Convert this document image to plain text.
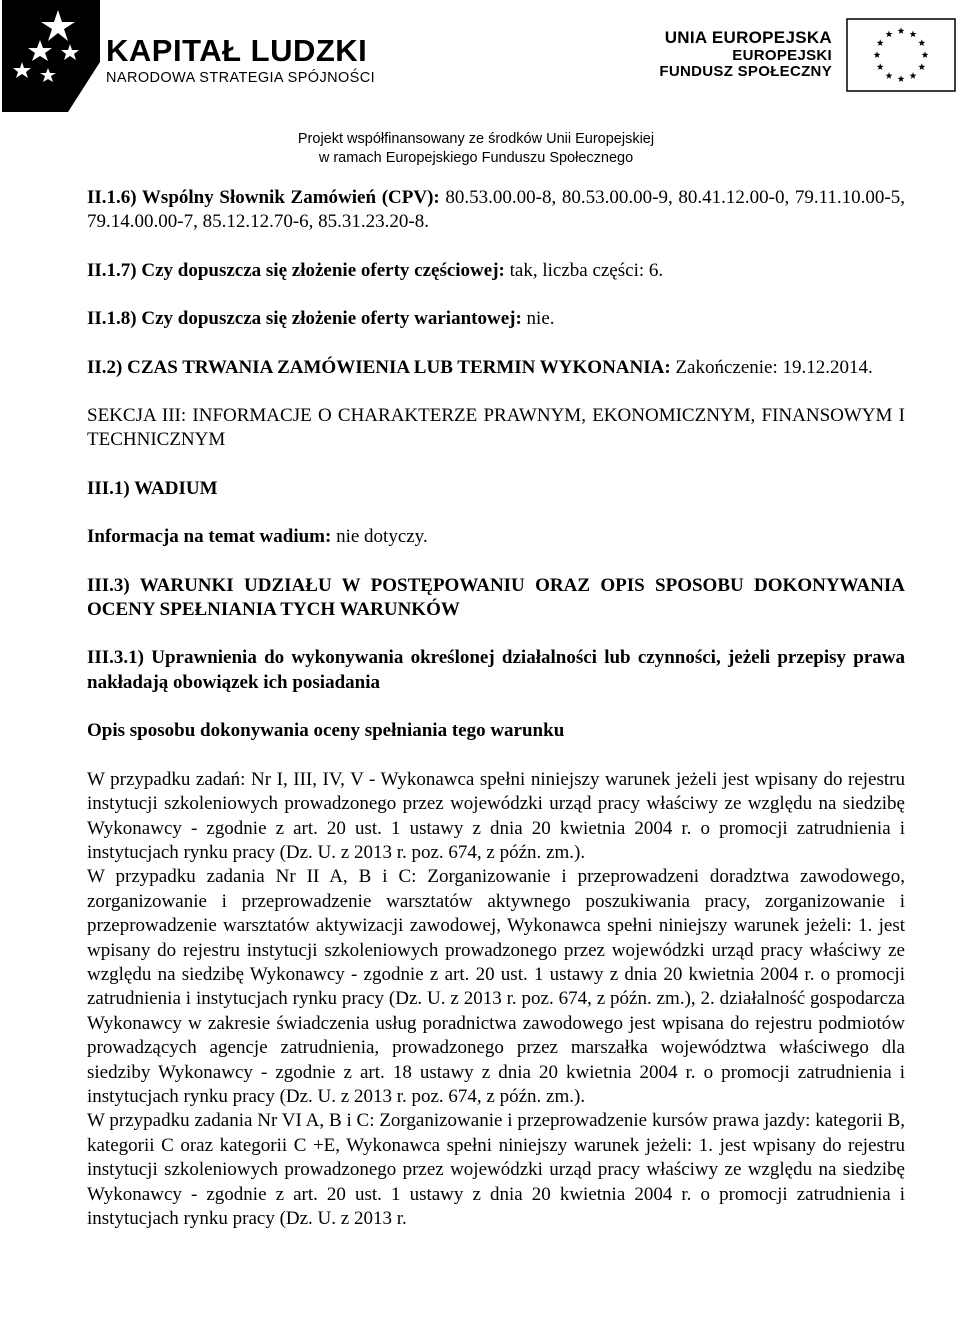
KAPITAŁ LUDZKI
NARODOWA STRATEGIA SPÓJNOŚCI
UNIA EUROPEJSKA
EUROPEJSKI
FUNDUSZ SPOŁECZNY
Projekt współfinansowany ze środków Unii Europejskiej
w ramach Europejskiego Funduszu Społecznego

II.1.6) Wspólny Słownik Zamówień (CPV): 80.53.00.00-8, 80.53.00.00-9, 80.41.12.00-0, 79.11.10.00-5, 79.14.00.00-7, 85.12.12.70-6, 85.31.23.20-8.

II.1.7) Czy dopuszcza się złożenie oferty częściowej: tak, liczba części: 6.

II.1.8) Czy dopuszcza się złożenie oferty wariantowej: nie.

II.2) CZAS TRWANIA ZAMÓWIENIA LUB TERMIN WYKONANIA: Zakończenie: 19.12.2014.

SEKCJA III: INFORMACJE O CHARAKTERZE PRAWNYM, EKONOMICZNYM, FINANSOWYM I TECHNICZNYM

III.1) WADIUM

Informacja na temat wadium: nie dotyczy.

III.3) WARUNKI UDZIAŁU W POSTĘPOWANIU ORAZ OPIS SPOSOBU DOKONYWANIA OCENY SPEŁNIANIA TYCH WARUNKÓW

III.3.1) Uprawnienia do wykonywania określonej działalności lub czynności, jeżeli przepisy prawa nakładają obowiązek ich posiadania

Opis sposobu dokonywania oceny spełniania tego warunku

W przypadku zadań: Nr I, III, IV, V - Wykonawca spełni niniejszy warunek jeżeli jest wpisany do rejestru instytucji szkoleniowych prowadzonego przez wojewódzki urząd pracy właściwy ze względu na siedzibę Wykonawcy - zgodnie z art. 20 ust. 1 ustawy z dnia 20 kwietnia 2004 r. o promocji zatrudnienia i instytucjach rynku pracy (Dz. U. z 2013 r. poz. 674, z późn. zm.).

W przypadku zadania Nr II A, B i C: Zorganizowanie i przeprowadzeni doradztwa zawodowego, zorganizowanie i przeprowadzenie warsztatów aktywnego poszukiwania pracy, zorganizowanie i przeprowadzenie warsztatów aktywizacji zawodowej, Wykonawca spełni niniejszy warunek jeżeli: 1. jest wpisany do rejestru instytucji szkoleniowych prowadzonego przez wojewódzki urząd pracy właściwy ze względu na siedzibę Wykonawcy - zgodnie z art. 20 ust. 1 ustawy z dnia 20 kwietnia 2004 r. o promocji zatrudnienia i instytucjach rynku pracy (Dz. U. z 2013 r. poz. 674, z późn. zm.), 2. działalność gospodarcza Wykonawcy w zakresie świadczenia usług poradnictwa zawodowego jest wpisana do rejestru podmiotów prowadzących agencje zatrudnienia, prowadzonego przez marszałka województwa właściwego dla siedziby Wykonawcy - zgodnie z art. 18 ustawy z dnia 20 kwietnia 2004 r. o promocji zatrudnienia i instytucjach rynku pracy (Dz. U. z 2013 r. poz. 674, z późn. zm.).

W przypadku zadania Nr VI A, B i C: Zorganizowanie i przeprowadzenie kursów prawa jazdy: kategorii B, kategorii C oraz kategorii C +E, Wykonawca spełni niniejszy warunek jeżeli: 1. jest wpisany do rejestru instytucji szkoleniowych prowadzonego przez wojewódzki urząd pracy właściwy ze względu na siedzibę Wykonawcy - zgodnie z art. 20 ust. 1 ustawy z dnia 20 kwietnia 2004 r. o promocji zatrudnienia i instytucjach rynku pracy (Dz. U. z 2013 r.
